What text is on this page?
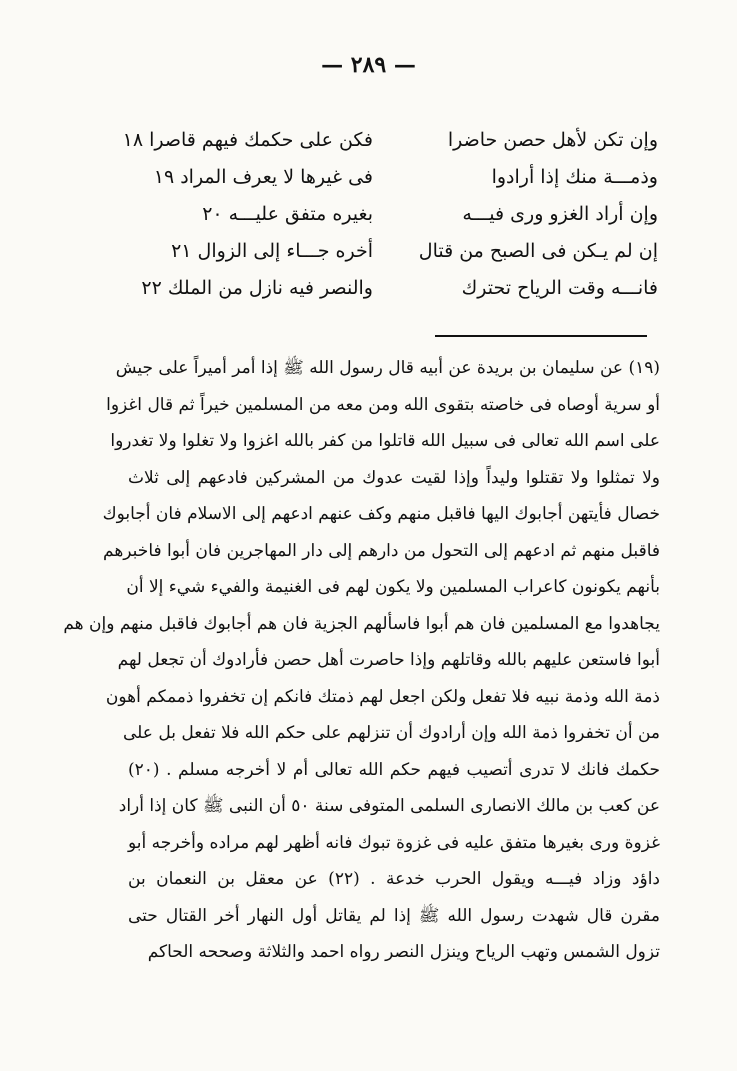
— ٢٨٩ —
وإن تكن لأهل حصن حاضرا
فكن على حكمك فيهم قاصرا ١٨
وذمـــة منك إذا أرادوا
فى غيرها لا يعرف المراد ١٩
وإن أراد الغزو ورى فيـــه
بغيره متفق عليـــه ٢٠
إن لم يـكن فى الصبح من قتال
أخره جـــاء إلى الزوال ٢١
فانـــه وقت الرياح تحترك
والنصر فيه نازل من الملك ٢٢
(١٩) عن سليمان بن بريدة عن أبيه قال رسول الله ﷺ إذا أمر أميراً على جيش
أو سرية أوصاه فى خاصته بتقوى الله ومن معه من المسلمين خيراً ثم قال اغزوا
على اسم الله تعالى فى سبيل الله قاتلوا من كفر بالله اغزوا ولا تغلوا ولا تغدروا
ولا تمثلوا ولا تقتلوا وليداً وإذا لقيت عدوك من المشركين فادعهم إلى ثلاث
خصال فأيتهن أجابوك اليها فاقبل منهم وكف عنهم ادعهم إلى الاسلام فان أجابوك
فاقبل منهم ثم ادعهم إلى التحول من دارهم إلى دار المهاجرين فان أبوا فاخبرهم
بأنهم يكونون كاعراب المسلمين ولا يكون لهم فى الغنيمة والفيء شيء إلا أن
يجاهدوا مع المسلمين فان هم أبوا فاسألهم الجزية فان هم أجابوك فاقبل منهم وإن هم
أبوا فاستعن عليهم بالله وقاتلهم وإذا حاصرت أهل حصن فأرادوك أن تجعل لهم
ذمة الله وذمة نبيه فلا تفعل ولكن اجعل لهم ذمتك فانكم إن تخفروا ذممكم أهون
من أن تخفروا ذمة الله وإن أرادوك أن تنزلهم على حكم الله فلا تفعل بل على
حكمك فانك لا تدرى أتصيب فيهم حكم الله تعالى أم لا أخرجه مسلم . (٢٠)
عن كعب بن مالك الانصارى السلمى المتوفى سنة ٥٠ أن النبى ﷺ كان إذا أراد
غزوة ورى بغيرها متفق عليه فى غزوة تبوك فانه أظهر لهم مراده وأخرجه أبو
داؤد وزاد فيـــه ويقول الحرب خدعة . (٢٢) عن معقل بن النعمان بن
مقرن قال شهدت رسول الله ﷺ إذا لم يقاتل أول النهار أخر القتال حتى
تزول الشمس وتهب الرياح وينزل النصر رواه احمد والثلاثة وصححه الحاكم
